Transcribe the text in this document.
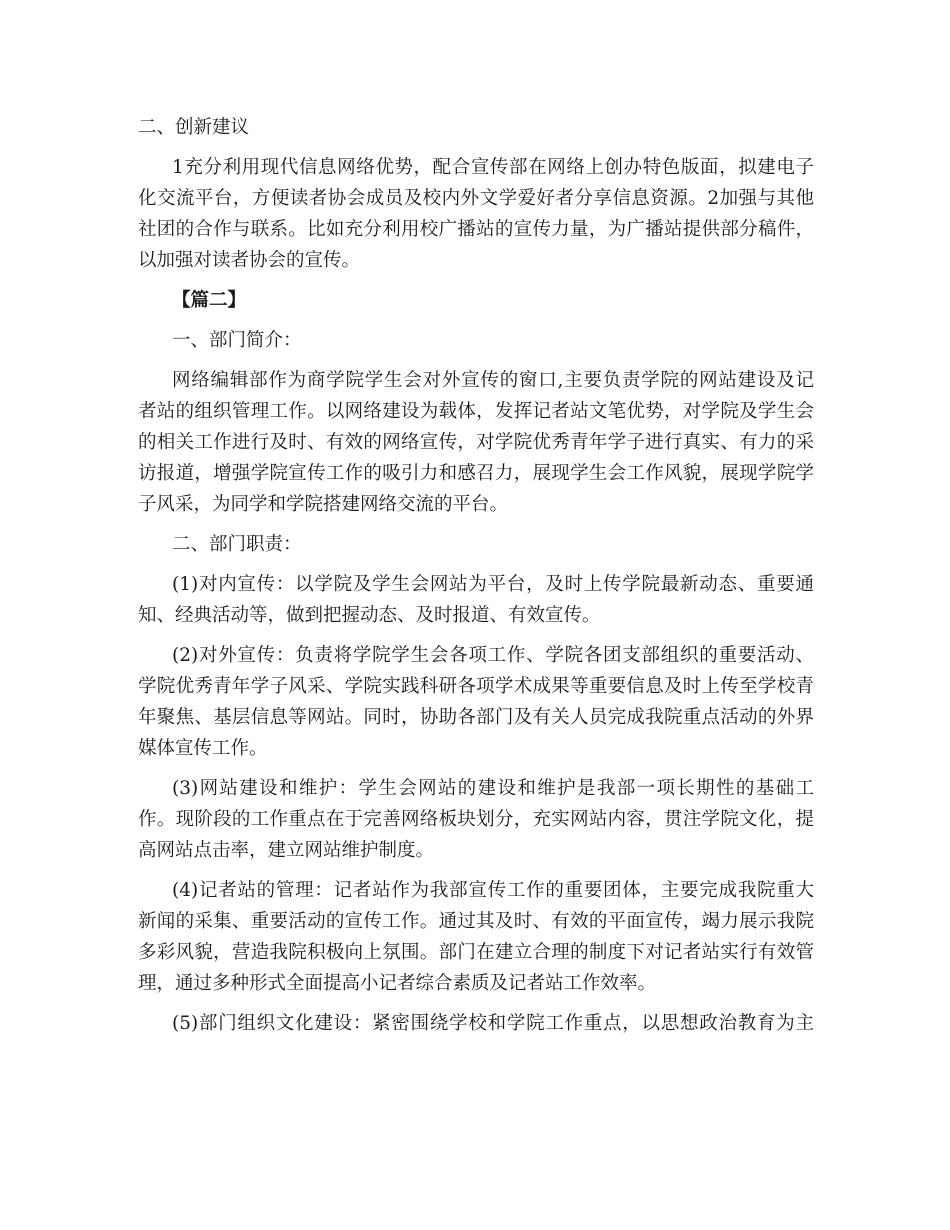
二、创新建议
1充分利用现代信息网络优势，配合宣传部在网络上创办特色版面，拟建电子
化交流平台，方便读者协会成员及校内外文学爱好者分享信息资源。2加强与其他
社团的合作与联系。比如充分利用校广播站的宣传力量，为广播站提供部分稿件，
以加强对读者协会的宣传。
【篇二】
一、部门简介：
网络编辑部作为商学院学生会对外宣传的窗口,主要负责学院的网站建设及记
者站的组织管理工作。以网络建设为载体，发挥记者站文笔优势，对学院及学生会
的相关工作进行及时、有效的网络宣传，对学院优秀青年学子进行真实、有力的采
访报道，增强学院宣传工作的吸引力和感召力，展现学生会工作风貌，展现学院学
子风采，为同学和学院搭建网络交流的平台。
二、部门职责：
(1)对内宣传：以学院及学生会网站为平台，及时上传学院最新动态、重要通
知、经典活动等，做到把握动态、及时报道、有效宣传。
(2)对外宣传：负责将学院学生会各项工作、学院各团支部组织的重要活动、
学院优秀青年学子风采、学院实践科研各项学术成果等重要信息及时上传至学校青
年聚焦、基层信息等网站。同时，协助各部门及有关人员完成我院重点活动的外界
媒体宣传工作。
(3)网站建设和维护：学生会网站的建设和维护是我部一项长期性的基础工
作。现阶段的工作重点在于完善网络板块划分，充实网站内容，贯注学院文化，提
高网站点击率，建立网站维护制度。
(4)记者站的管理：记者站作为我部宣传工作的重要团体，主要完成我院重大
新闻的采集、重要活动的宣传工作。通过其及时、有效的平面宣传，竭力展示我院
多彩风貌，营造我院积极向上氛围。部门在建立合理的制度下对记者站实行有效管
理，通过多种形式全面提高小记者综合素质及记者站工作效率。
(5)部门组织文化建设：紧密围绕学校和学院工作重点，以思想政治教育为主
